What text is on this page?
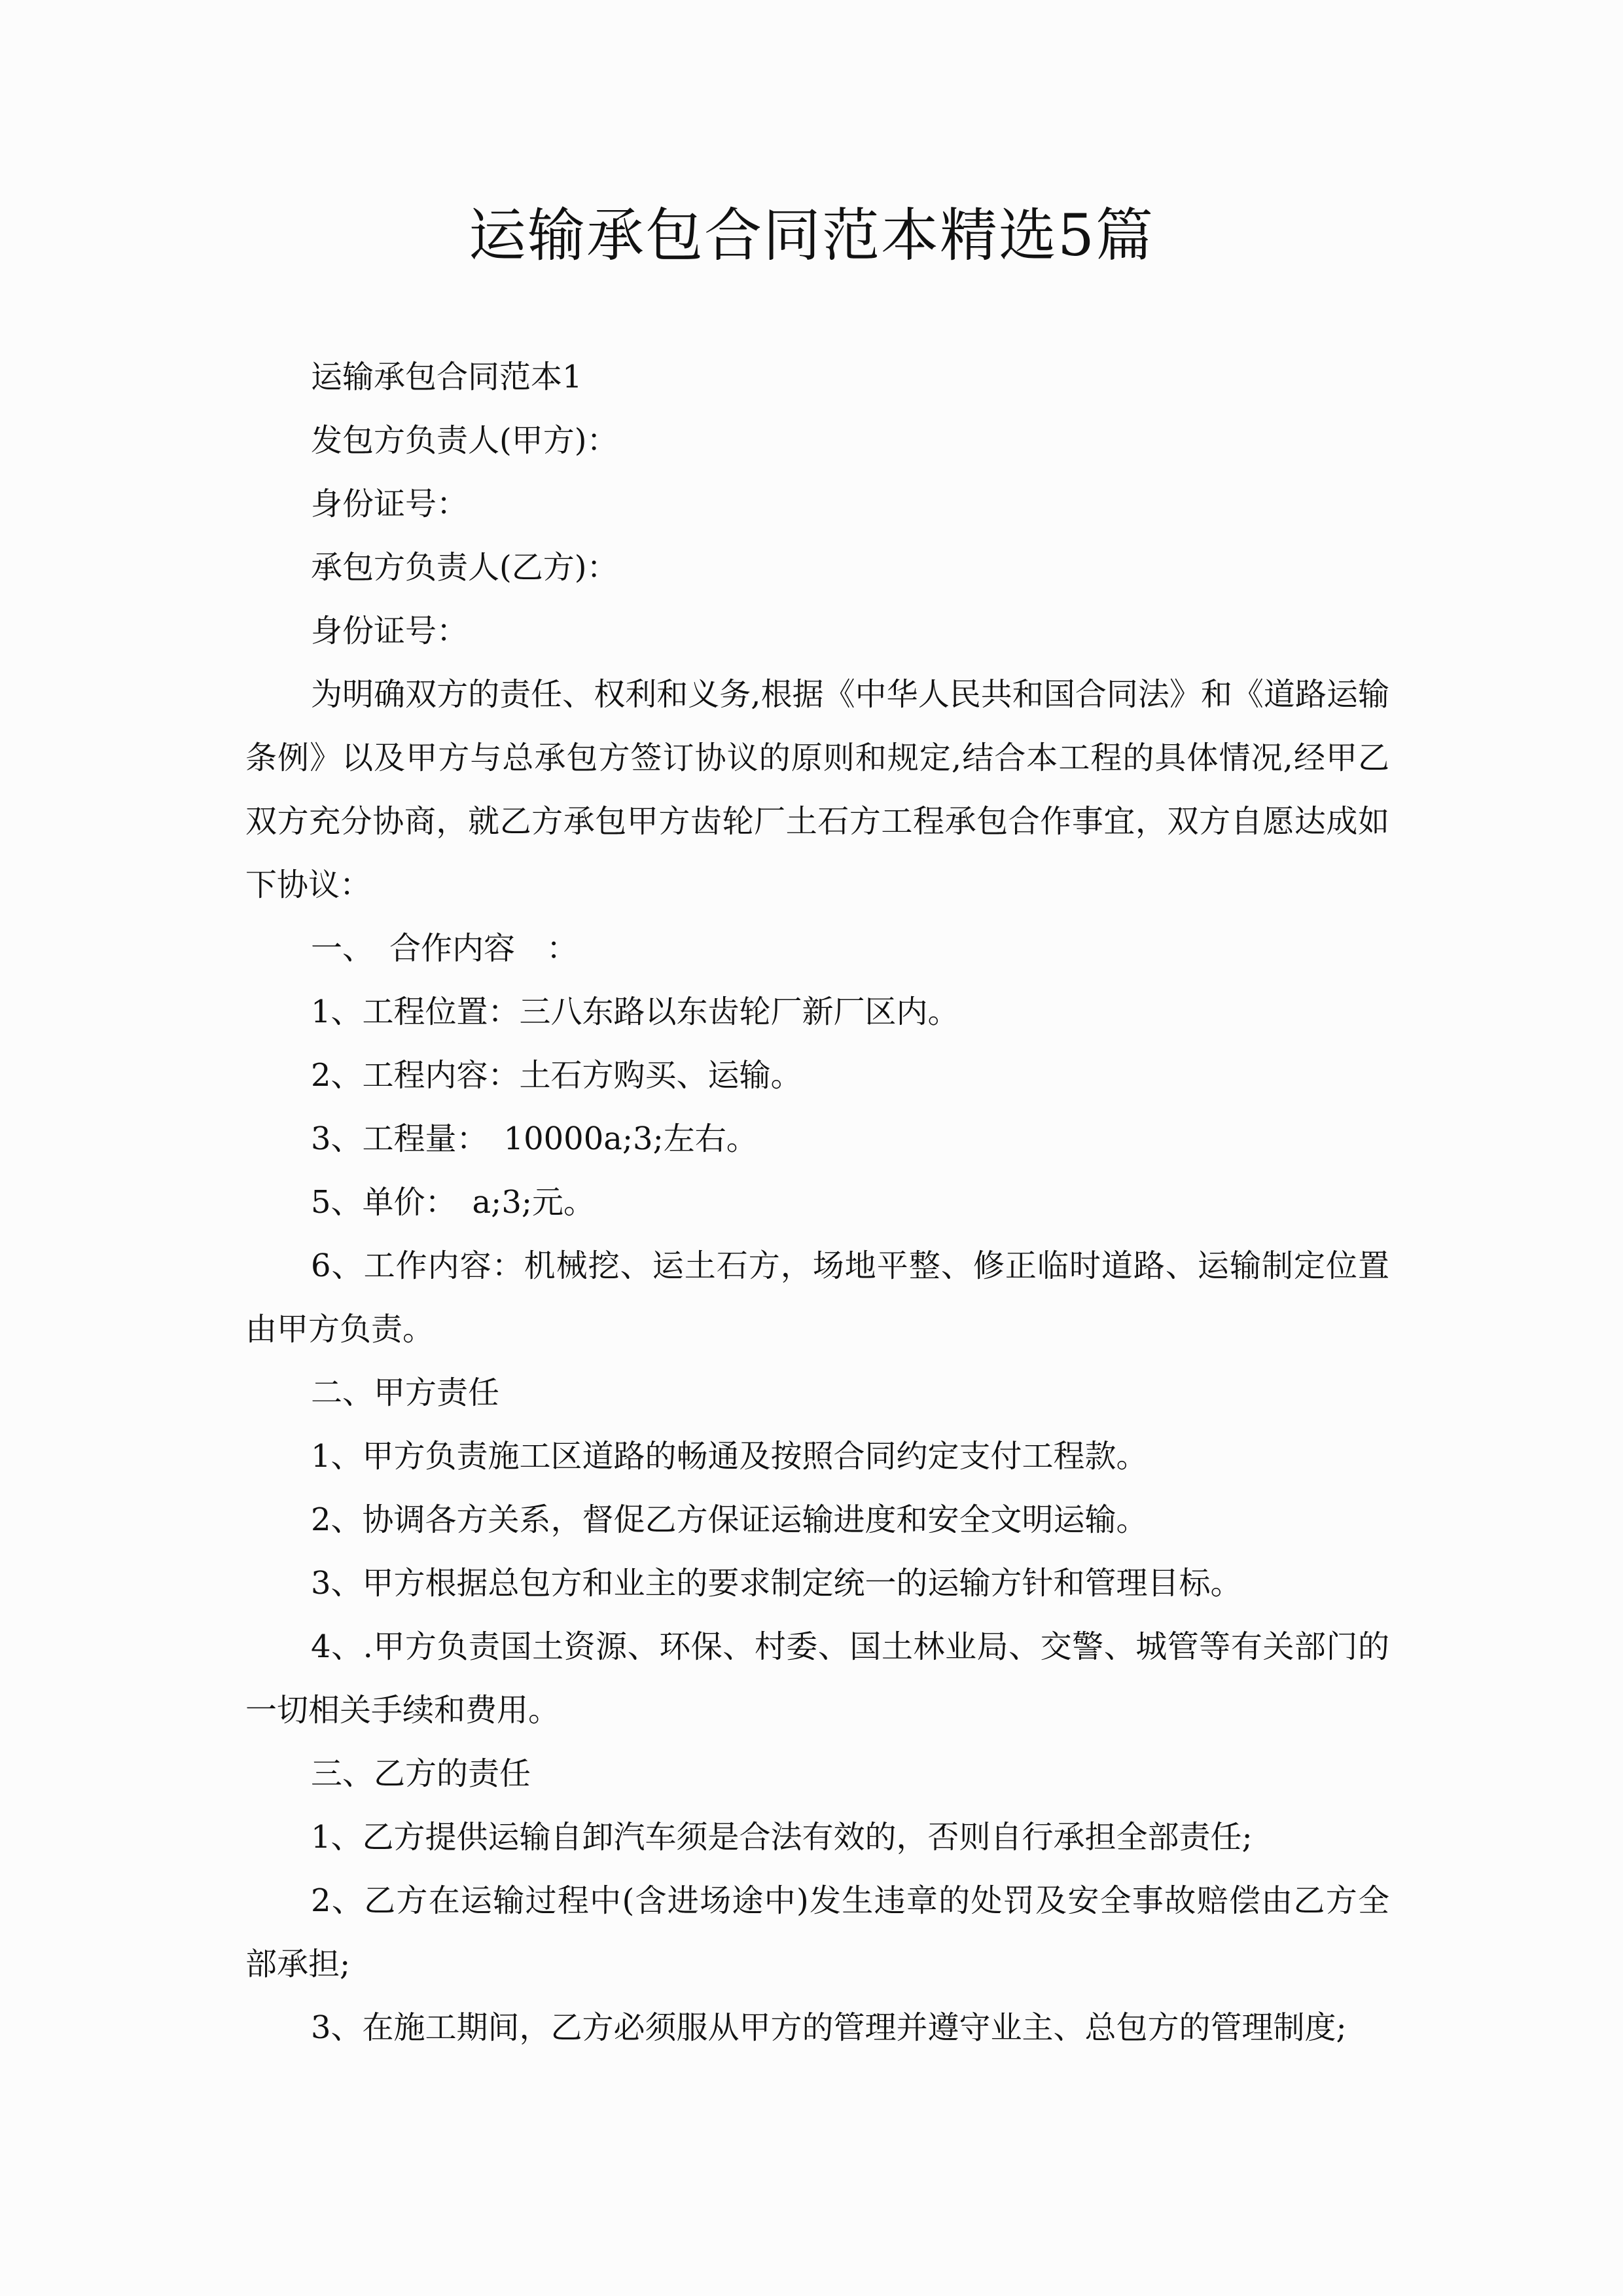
运输承包合同范本精选5篇

运输承包合同范本1

发包方负责人(甲方)：

身份证号：

承包方负责人(乙方)：

身份证号：

为明确双方的责任、权利和义务,根据《中华人民共和国合同法》和《道路运输条例》以及甲方与总承包方签订协议的原则和规定,结合本工程的具体情况,经甲乙双方充分协商，就乙方承包甲方齿轮厂土石方工程承包合作事宜，双方自愿达成如下协议：

一、　合作内容　：

1、工程位置：三八东路以东齿轮厂新厂区内。

2、工程内容：土石方购买、运输。

3、工程量：　10000a;3;左右。

5、单价：　a;3;元。

6、工作内容：机械挖、运土石方，场地平整、修正临时道路、运输制定位置由甲方负责。

二、甲方责任

1、甲方负责施工区道路的畅通及按照合同约定支付工程款。

2、协调各方关系，督促乙方保证运输进度和安全文明运输。

3、甲方根据总包方和业主的要求制定统一的运输方针和管理目标。

4、.甲方负责国土资源、环保、村委、国土林业局、交警、城管等有关部门的一切相关手续和费用。

三、乙方的责任

1、乙方提供运输自卸汽车须是合法有效的，否则自行承担全部责任;

2、乙方在运输过程中(含进场途中)发生违章的处罚及安全事故赔偿由乙方全部承担;

3、在施工期间，乙方必须服从甲方的管理并遵守业主、总包方的管理制度;
